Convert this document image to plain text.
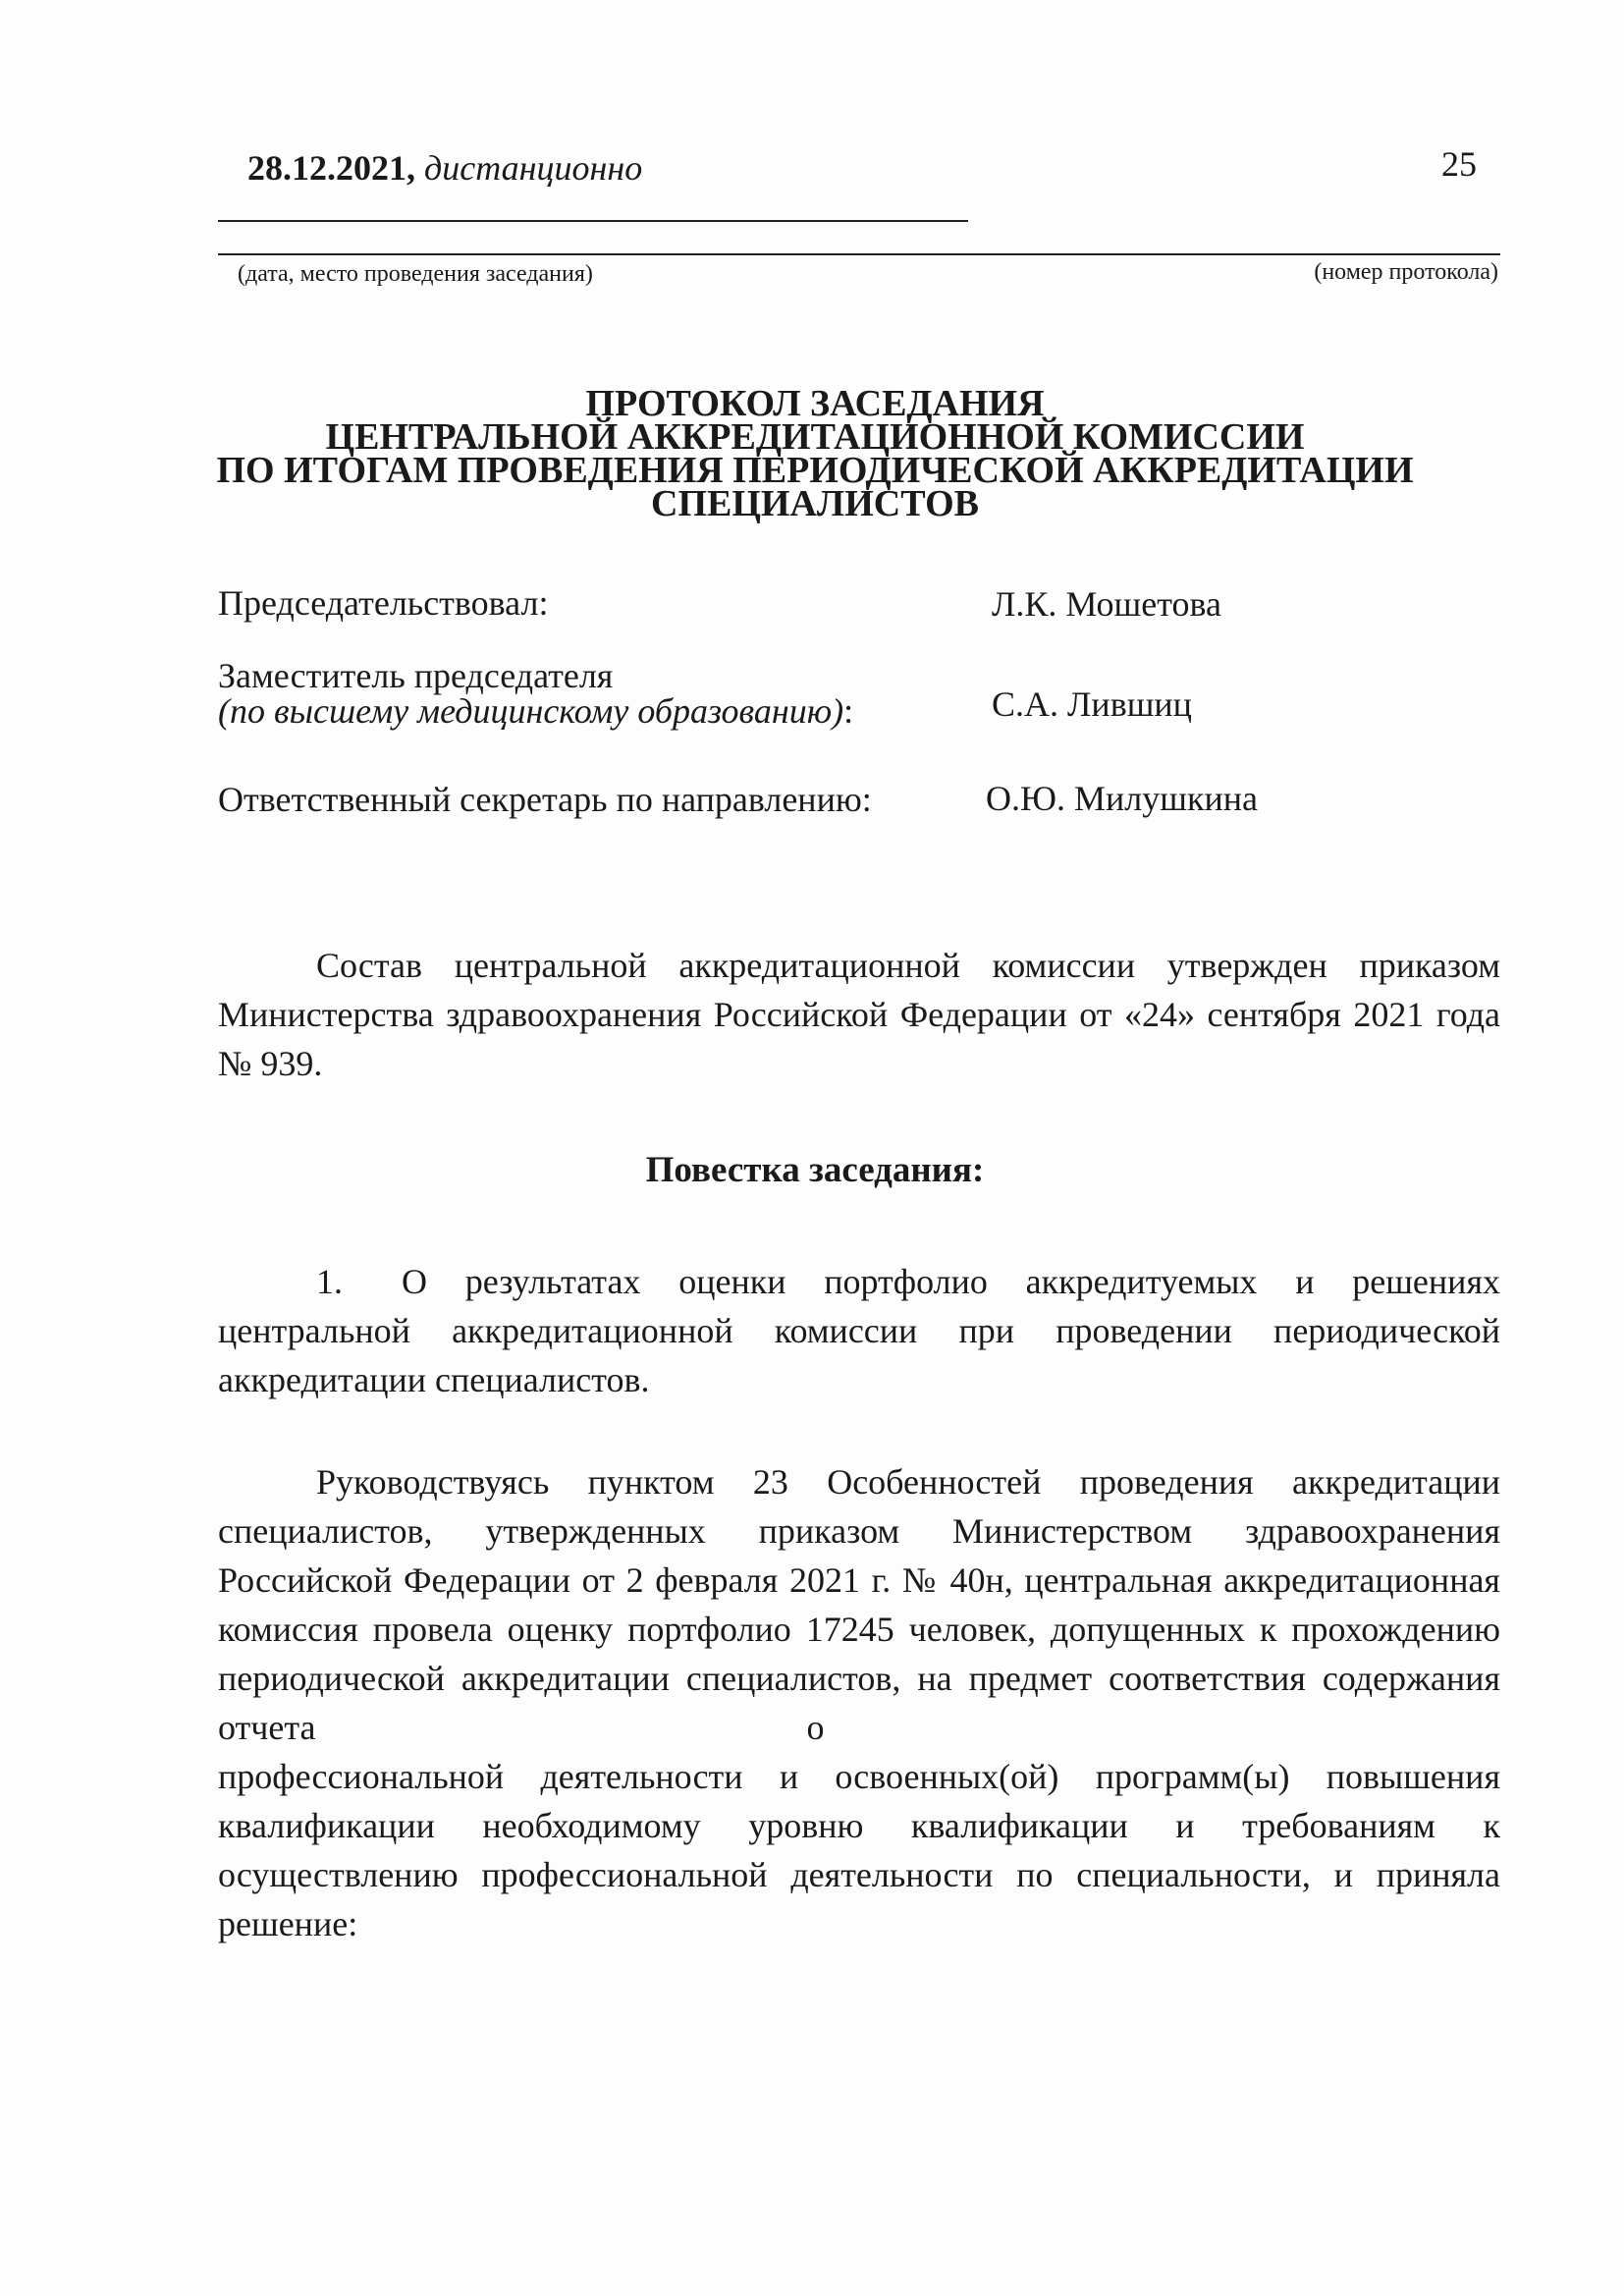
28.12.2021, дистанционно	25
(дата, место проведения заседания)	(номер протокола)
ПРОТОКОЛ ЗАСЕДАНИЯ
ЦЕНТРАЛЬНОЙ АККРЕДИТАЦИОННОЙ КОМИССИИ
ПО ИТОГАМ ПРОВЕДЕНИЯ ПЕРИОДИЧЕСКОЙ АККРЕДИТАЦИИ
СПЕЦИАЛИСТОВ
Председательствовал:	Л.К. Мошетова
Заместитель председателя
(по высшему медицинскому образованию):	С.А. Лившиц
Ответственный секретарь по направлению:	О.Ю. Милушкина
Состав центральной аккредитационной комиссии утвержден приказом Министерства здравоохранения Российской Федерации от «24» сентября 2021 года № 939.
Повестка заседания:
1. О результатах оценки портфолио аккредитуемых и решениях центральной аккредитационной комиссии при проведении периодической аккредитации специалистов.
Руководствуясь пунктом 23 Особенностей проведения аккредитации специалистов, утвержденных приказом Министерством здравоохранения Российской Федерации от 2 февраля 2021 г. № 40н, центральная аккредитационная комиссия провела оценку портфолио 17245 человек, допущенных к прохождению периодической аккредитации специалистов, на предмет соответствия содержания отчета	о
профессиональной деятельности и освоенных(ой) программ(ы) повышения квалификации необходимому уровню квалификации и требованиям к осуществлению профессиональной деятельности по специальности, и приняла решение:
